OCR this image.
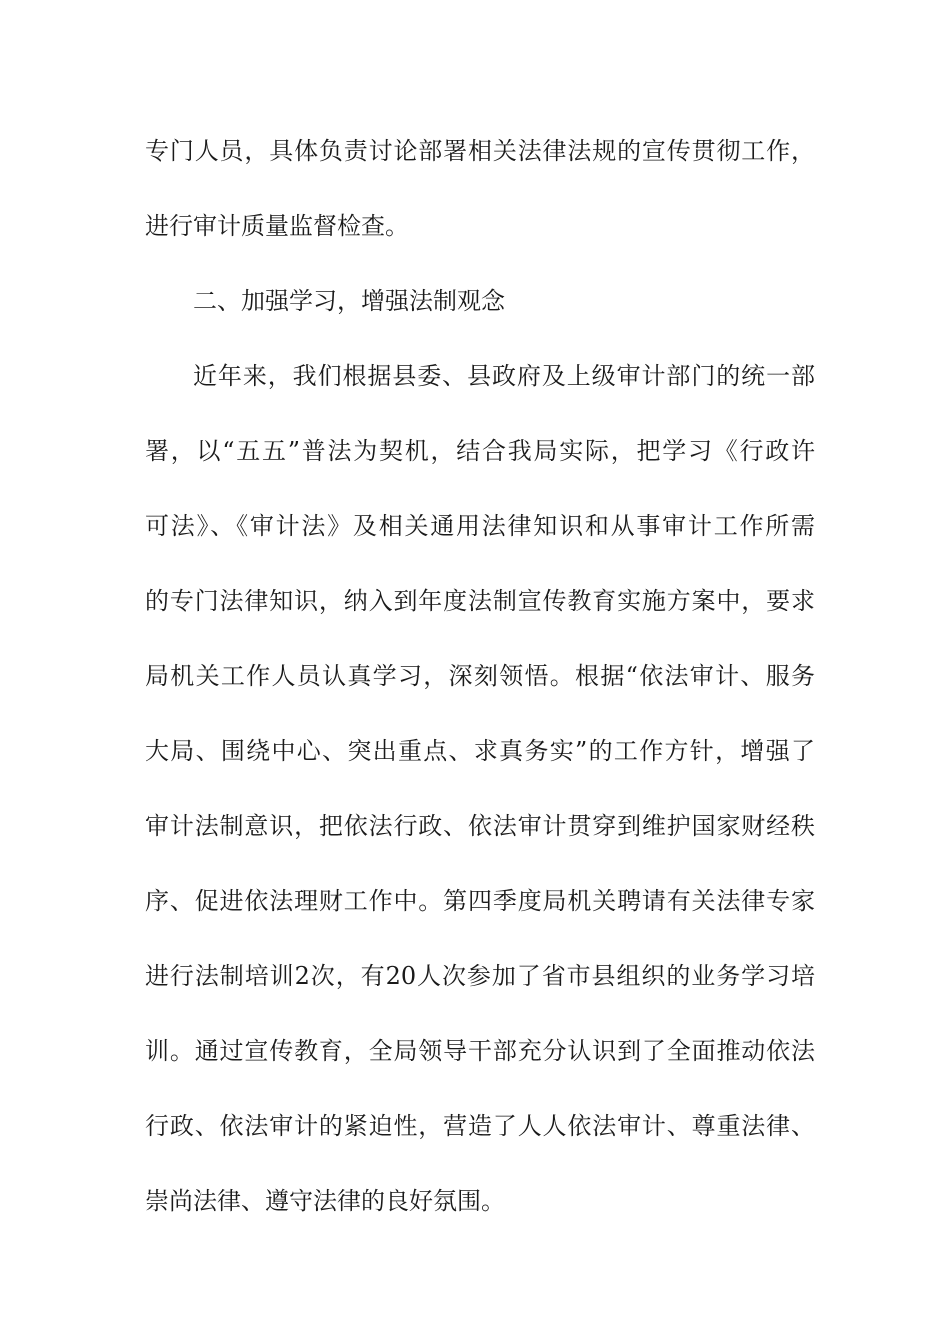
专门人员，具体负责讨论部署相关法律法规的宣传贯彻工作，
进行审计质量监督检查。
二、加强学习，增强法制观念
近年来，我们根据县委、县政府及上级审计部门的统一部
署，以“五五”普法为契机，结合我局实际，把学习《行政许
可法》、《审计法》及相关通用法律知识和从事审计工作所需
的专门法律知识，纳入到年度法制宣传教育实施方案中，要求
局机关工作人员认真学习，深刻领悟。根据“依法审计、服务
大局、围绕中心、突出重点、求真务实”的工作方针，增强了
审计法制意识，把依法行政、依法审计贯穿到维护国家财经秩
序、促进依法理财工作中。第四季度局机关聘请有关法律专家
进行法制培训2次，有20人次参加了省市县组织的业务学习培
训。通过宣传教育，全局领导干部充分认识到了全面推动依法
行政、依法审计的紧迫性，营造了人人依法审计、尊重法律、
崇尚法律、遵守法律的良好氛围。
